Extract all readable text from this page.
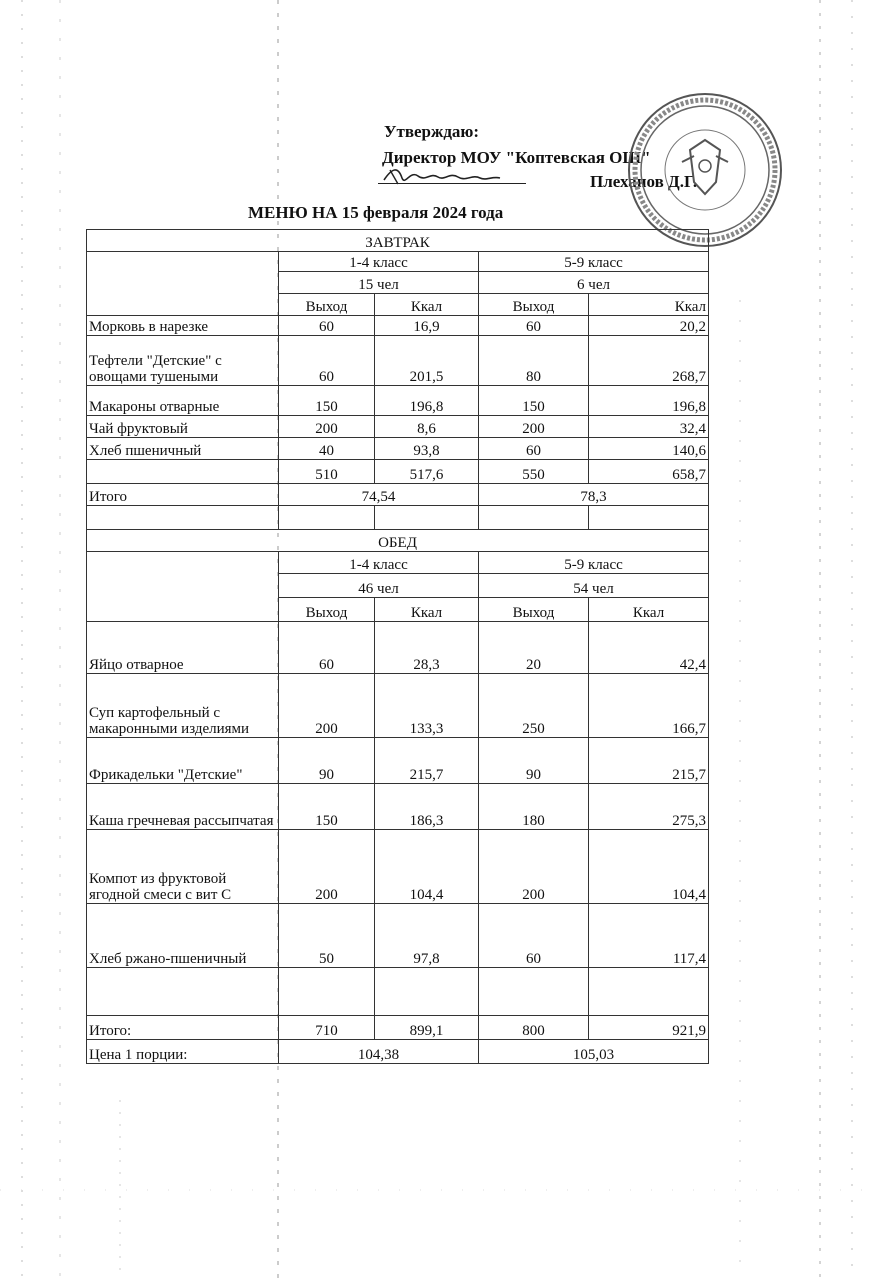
Утверждаю:
Директор МОУ "Коптевская ОШ"
Плеханов Д.Г.
МЕНЮ НА 15 февраля 2024 года
ЗАВТРАК				
	1-4 класс		5-9 класс	
	15 чел		6 чел	
	Выход	Ккал	Выход	Ккал
Морковь в нарезке	60	16,9	60	20,2
Тефтели "Детские" с овощами тушеными	60	201,5	80	268,7
Макароны отварные	150	196,8	150	196,8
Чай фруктовый	200	8,6	200	32,4
Хлеб пшеничный	40	93,8	60	140,6
	510	517,6	550	658,7
Итого	74,54		78,3	

ОБЕД				
	1-4 класс		5-9 класс	
	46 чел		54 чел	
	Выход	Ккал	Выход	Ккал
Яйцо отварное	60	28,3	20	42,4
Суп картофельный с макаронными изделиями	200	133,3	250	166,7
Фрикадельки "Детские"	90	215,7	90	215,7
Каша гречневая рассыпчатая	150	186,3	180	275,3
Компот из фруктовой ягодной смеси с вит С	200	104,4	200	104,4
Хлеб ржано-пшеничный	50	97,8	60	117,4

Итого:	710	899,1	800	921,9
Цена 1 порции:	104,38		105,03	
